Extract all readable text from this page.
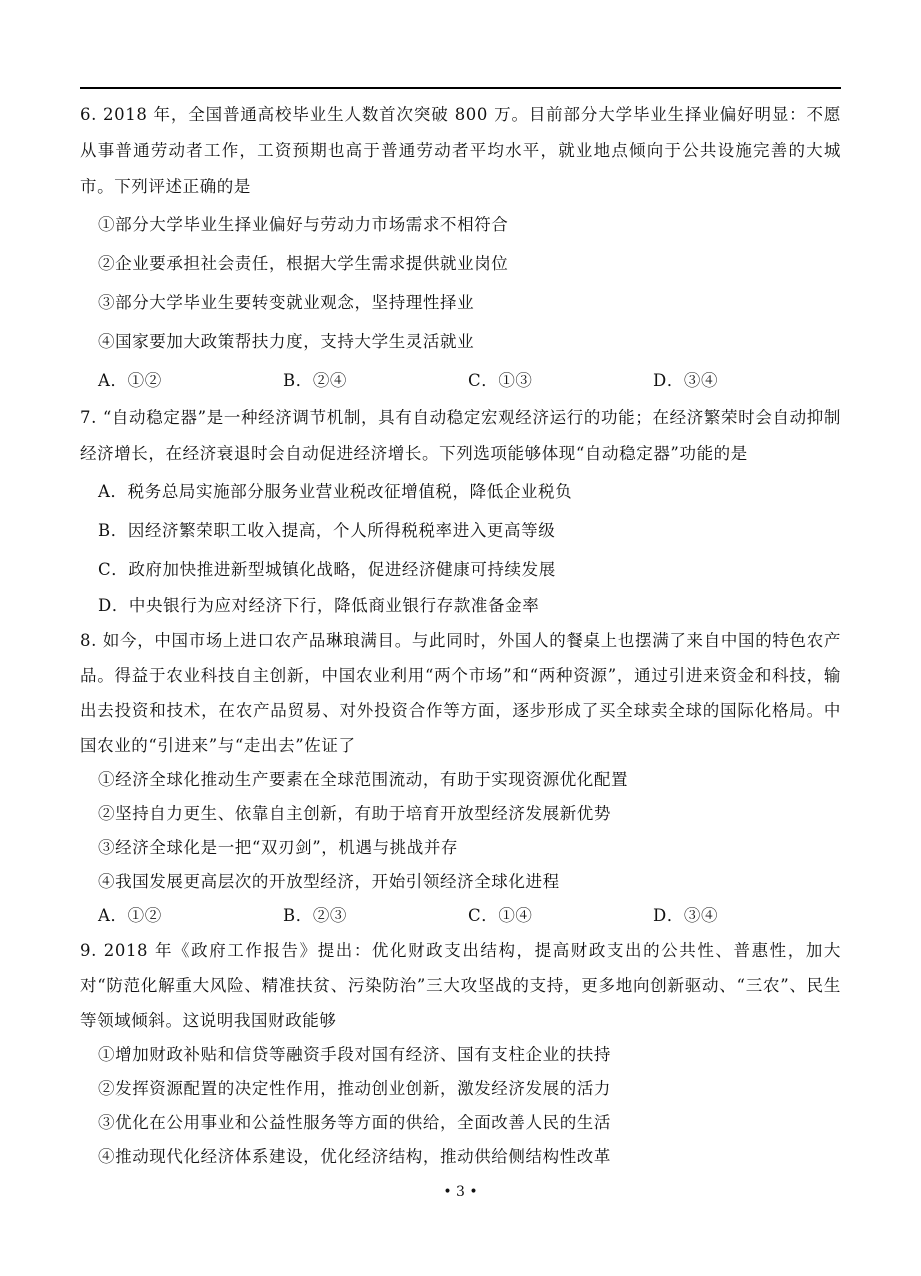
6. 2018 年，全国普通高校毕业生人数首次突破 800 万。目前部分大学毕业生择业偏好明显：不愿从事普通劳动者工作，工资预期也高于普通劳动者平均水平，就业地点倾向于公共设施完善的大城市。下列评述正确的是

①部分大学毕业生择业偏好与劳动力市场需求不相符合
②企业要承担社会责任，根据大学生需求提供就业岗位
③部分大学毕业生要转变就业观念，坚持理性择业
④国家要加大政策帮扶力度，支持大学生灵活就业
A．①②	B．②④	C．①③	D．③④

7. “自动稳定器”是一种经济调节机制，具有自动稳定宏观经济运行的功能；在经济繁荣时会自动抑制经济增长，在经济衰退时会自动促进经济增长。下列选项能够体现“自动稳定器”功能的是

A．税务总局实施部分服务业营业税改征增值税，降低企业税负
B．因经济繁荣职工收入提高，个人所得税税率进入更高等级
C．政府加快推进新型城镇化战略，促进经济健康可持续发展
D．中央银行为应对经济下行，降低商业银行存款准备金率

8. 如今，中国市场上进口农产品琳琅满目。与此同时，外国人的餐桌上也摆满了来自中国的特色农产品。得益于农业科技自主创新，中国农业利用“两个市场”和“两种资源”，通过引进来资金和科技，输出去投资和技术，在农产品贸易、对外投资合作等方面，逐步形成了买全球卖全球的国际化格局。中国农业的“引进来”与“走出去”佐证了

①经济全球化推动生产要素在全球范围流动，有助于实现资源优化配置
②坚持自力更生、依靠自主创新，有助于培育开放型经济发展新优势
③经济全球化是一把“双刃剑”，机遇与挑战并存
④我国发展更高层次的开放型经济，开始引领经济全球化进程
A．①②	B．②③	C．①④	D．③④

9. 2018 年《政府工作报告》提出：优化财政支出结构，提高财政支出的公共性、普惠性，加大对“防范化解重大风险、精准扶贫、污染防治”三大攻坚战的支持，更多地向创新驱动、“三农”、民生等领域倾斜。这说明我国财政能够

①增加财政补贴和信贷等融资手段对国有经济、国有支柱企业的扶持
②发挥资源配置的决定性作用，推动创业创新，激发经济发展的活力
③优化在公用事业和公益性服务等方面的供给，全面改善人民的生活
④推动现代化经济体系建设，优化经济结构，推动供给侧结构性改革
• 3 •
